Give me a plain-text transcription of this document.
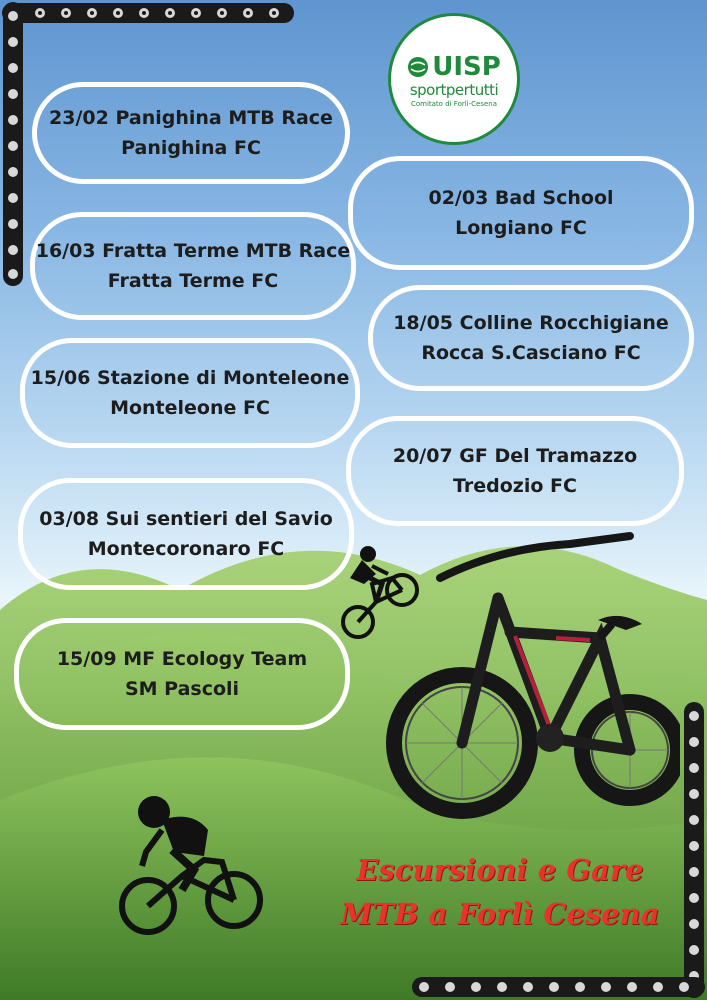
UISP
sportpertutti
Comitato di Forlì-Cesena
23/02 Panighina MTB Race
Panighina FC
02/03 Bad School
Longiano FC
16/03 Fratta Terme MTB Race
Fratta Terme FC
18/05 Colline Rocchigiane
Rocca S.Casciano FC
15/06 Stazione di Monteleone
Monteleone FC
20/07 GF Del Tramazzo
Tredozio FC
03/08 Sui sentieri del Savio
Montecoronaro FC
15/09 MF Ecology Team
SM Pascoli
Escursioni e Gare
MTB a Forlì Cesena
